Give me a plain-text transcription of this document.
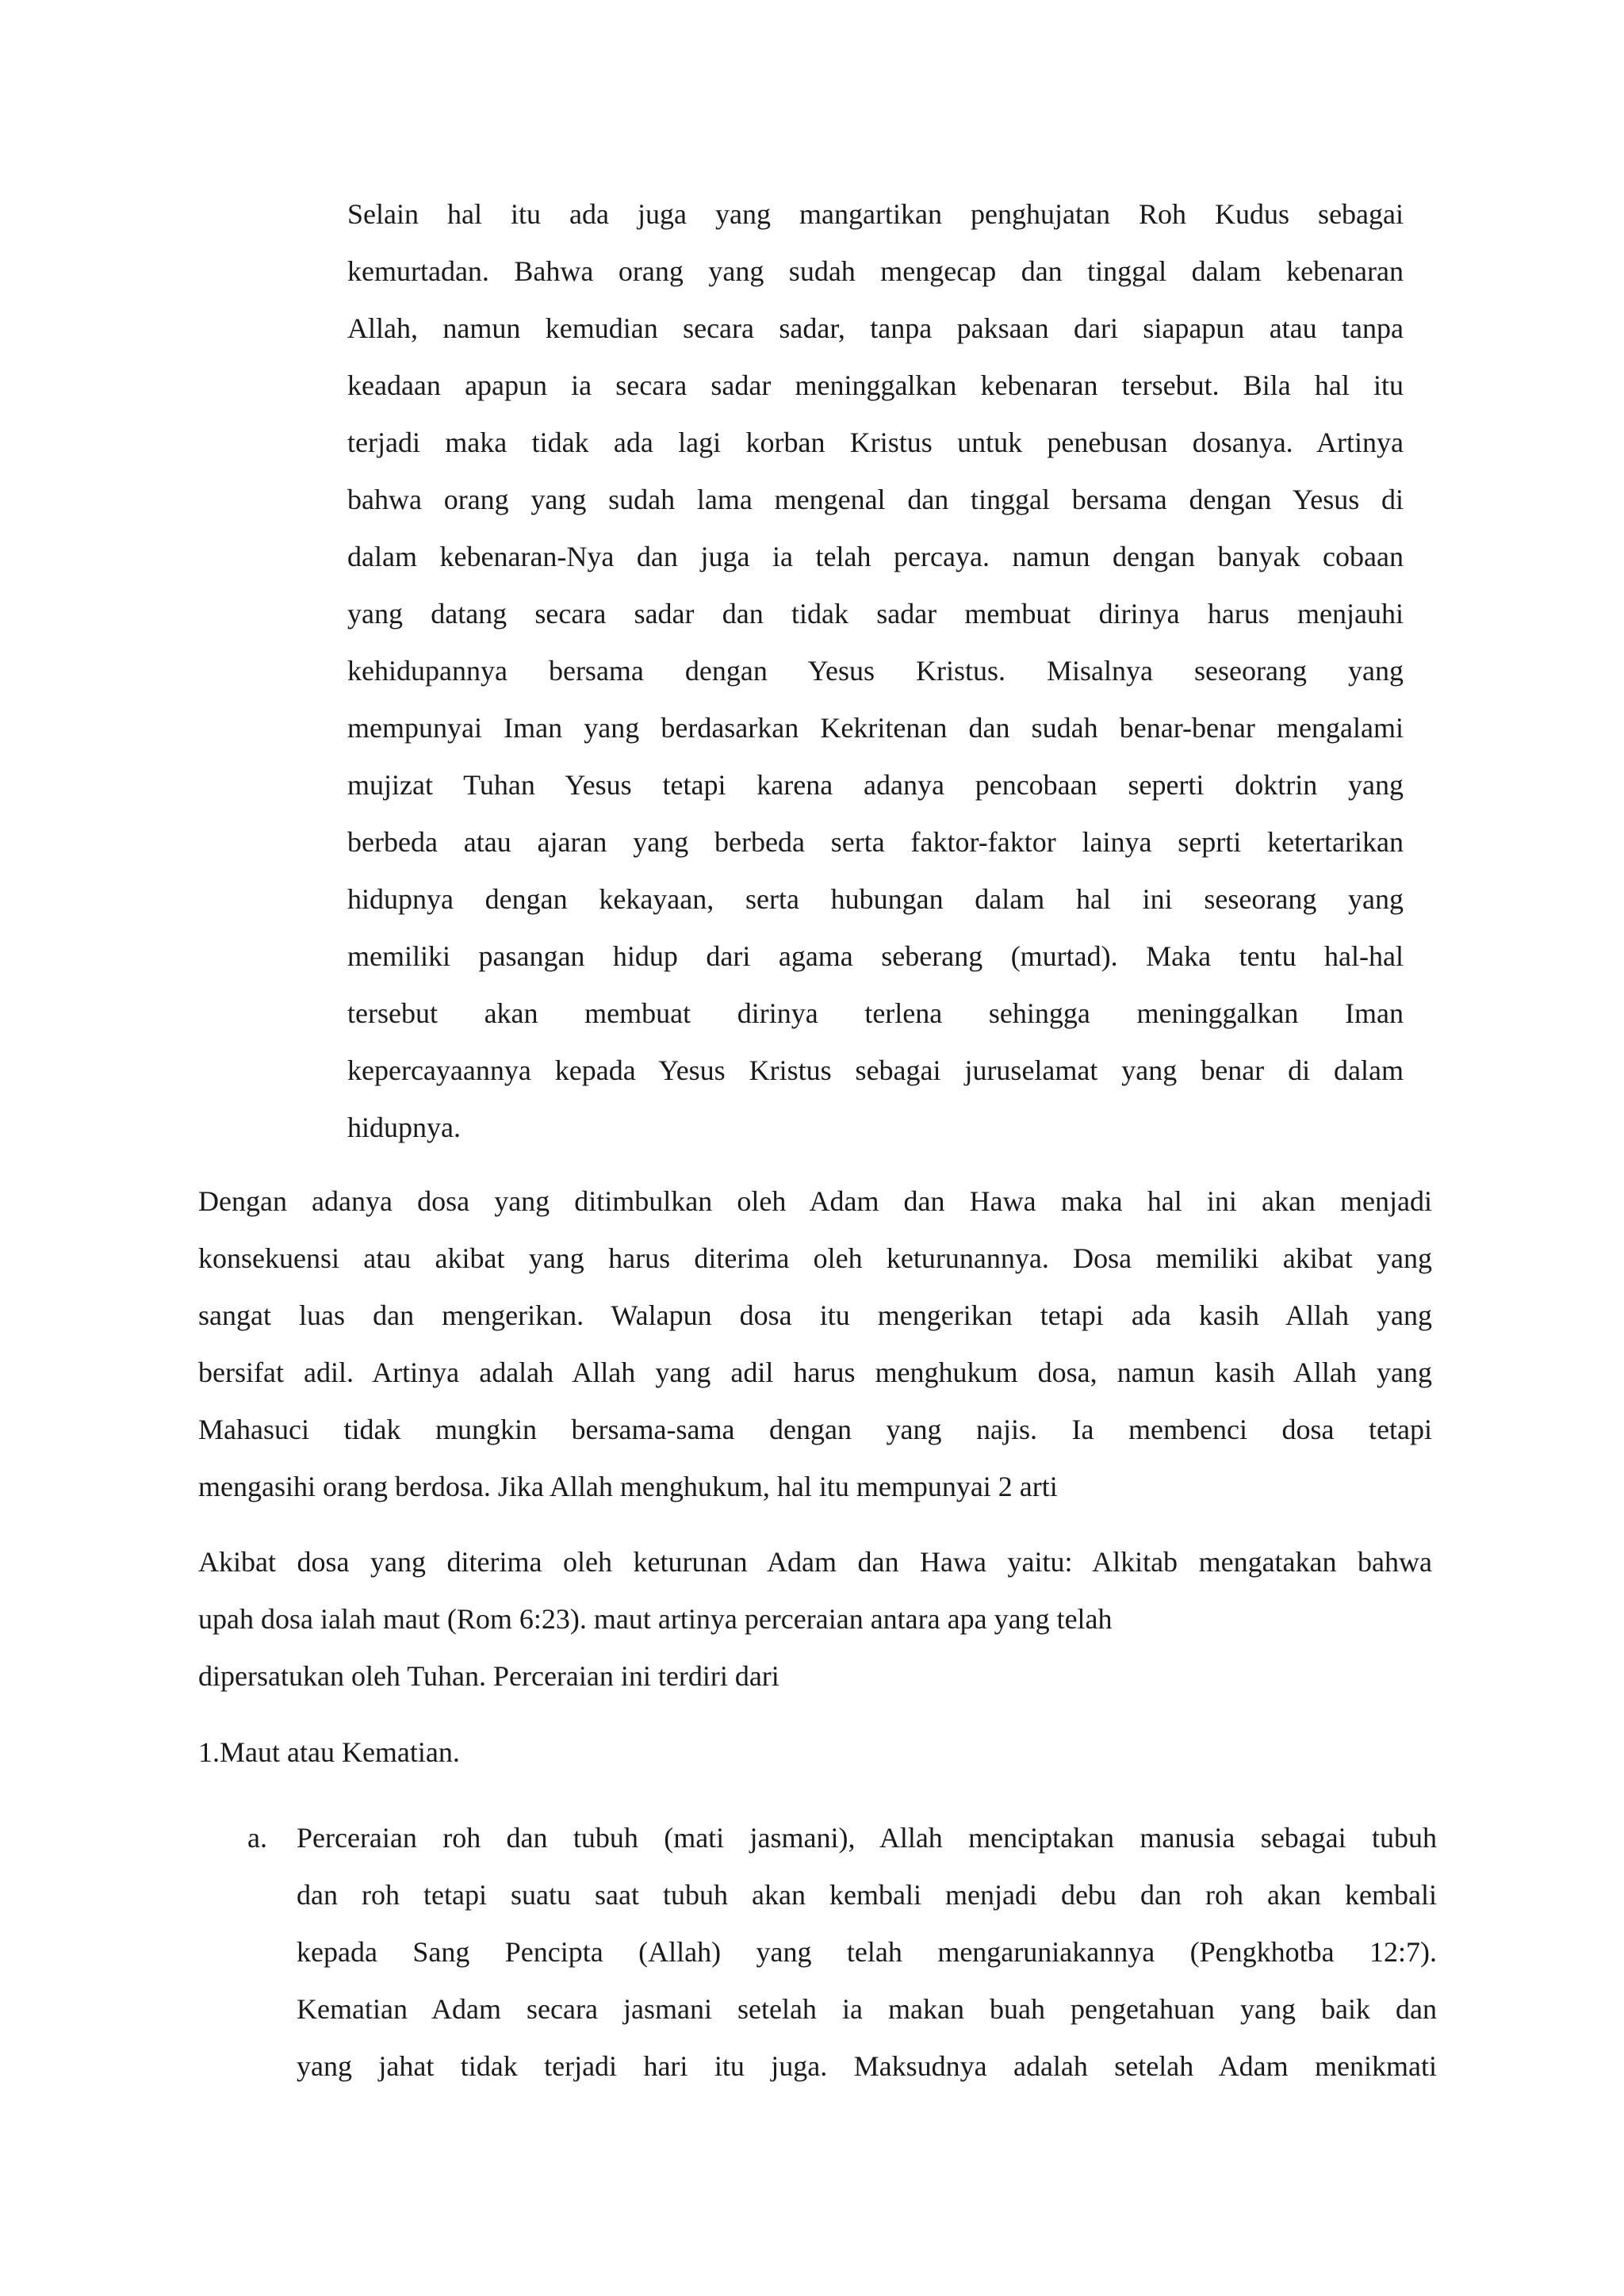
Selain hal itu ada juga yang mangartikan penghujatan Roh Kudus sebagai
kemurtadan. Bahwa orang yang sudah mengecap dan tinggal dalam kebenaran
Allah, namun kemudian secara sadar, tanpa paksaan dari siapapun atau tanpa
keadaan apapun ia secara sadar meninggalkan kebenaran tersebut. Bila hal itu
terjadi maka tidak ada lagi korban Kristus untuk penebusan dosanya. Artinya
bahwa orang yang sudah lama mengenal dan tinggal bersama dengan Yesus di
dalam kebenaran-Nya dan juga ia telah percaya. namun dengan banyak cobaan
yang datang secara sadar dan tidak sadar membuat dirinya harus menjauhi
kehidupannya bersama dengan Yesus Kristus. Misalnya seseorang yang
mempunyai Iman yang berdasarkan Kekritenan dan sudah benar-benar mengalami
mujizat Tuhan Yesus tetapi karena adanya pencobaan seperti doktrin yang
berbeda atau ajaran yang berbeda serta faktor-faktor lainya seprti ketertarikan
hidupnya dengan kekayaan, serta hubungan dalam hal ini seseorang yang
memiliki pasangan hidup dari agama seberang (murtad). Maka tentu hal-hal
tersebut akan membuat dirinya terlena sehingga meninggalkan Iman
kepercayaannya kepada Yesus Kristus sebagai juruselamat yang benar di dalam
hidupnya.
Dengan adanya dosa yang ditimbulkan oleh Adam dan Hawa maka hal ini akan menjadi
konsekuensi atau akibat yang harus diterima oleh keturunannya. Dosa memiliki akibat yang
sangat luas dan mengerikan. Walapun dosa itu mengerikan tetapi ada kasih Allah yang
bersifat adil. Artinya adalah Allah yang adil harus menghukum dosa, namun kasih Allah yang
Mahasuci tidak mungkin bersama-sama dengan yang najis. Ia membenci dosa tetapi
mengasihi orang berdosa. Jika Allah menghukum, hal itu mempunyai 2 arti
Akibat dosa yang diterima oleh keturunan Adam dan Hawa yaitu: Alkitab mengatakan bahwa
upah dosa ialah maut (Rom 6:23). maut artinya perceraian antara apa yang telah
dipersatukan oleh Tuhan. Perceraian ini terdiri dari
1.Maut atau Kematian.
a. Perceraian roh dan tubuh (mati jasmani), Allah menciptakan manusia sebagai tubuh
dan roh tetapi suatu saat tubuh akan kembali menjadi debu dan roh akan kembali
kepada Sang Pencipta (Allah) yang telah mengaruniakannya (Pengkhotba 12:7).
Kematian Adam secara jasmani setelah ia makan buah pengetahuan yang baik dan
yang jahat tidak terjadi hari itu juga. Maksudnya adalah setelah Adam menikmati
